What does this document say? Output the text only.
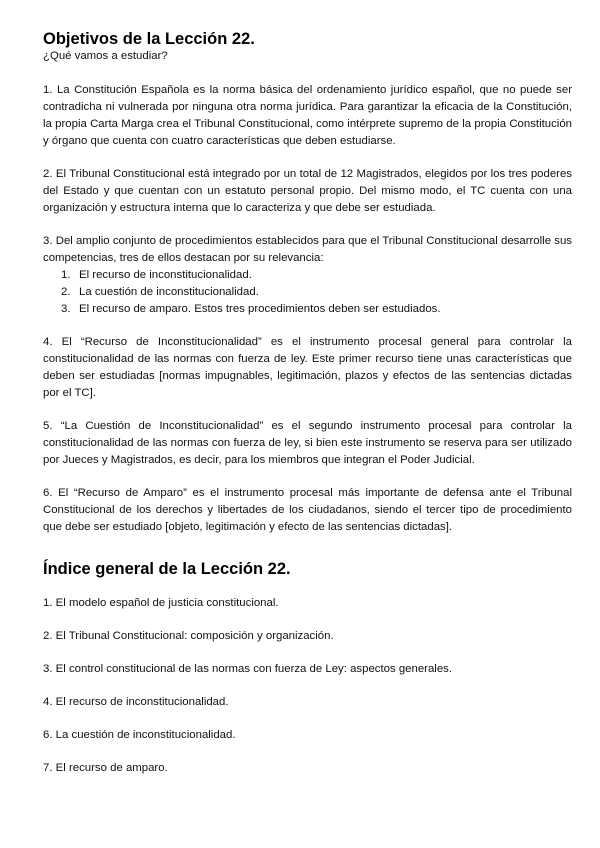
Objetivos de la Lección 22.
¿Qué vamos a estudiar?

1. La Constitución Española es la norma básica del ordenamiento jurídico español, que no puede ser contradicha ni vulnerada por ninguna otra norma jurídica. Para garantizar la eficacia de la Constitución, la propia Carta Marga crea el Tribunal Constitucional, como intérprete supremo de la propia Constitución y órgano que cuenta con cuatro características que deben estudiarse.

2. El Tribunal Constitucional está integrado por un total de 12 Magistrados, elegidos por los tres poderes del Estado y que cuentan con un estatuto personal propio. Del mismo modo, el TC cuenta con una organización y estructura interna que lo caracteriza y que debe ser estudiada.

3. Del amplio conjunto de procedimientos establecidos para que el Tribunal Constitucional desarrolle sus competencias, tres de ellos destacan por su relevancia:

1. El recurso de inconstitucionalidad.
2. La cuestión de inconstitucionalidad.
3. El recurso de amparo. Estos tres procedimientos deben ser estudiados.

4. El “Recurso de Inconstitucionalidad” es el instrumento procesal general para controlar la constitucionalidad de las normas con fuerza de ley. Este primer recurso tiene unas características que deben ser estudiadas [normas impugnables, legitimación, plazos y efectos de las sentencias dictadas por el TC].

5. “La Cuestión de Inconstitucionalidad” es el segundo instrumento procesal para controlar la constitucionalidad de las normas con fuerza de ley, si bien este instrumento se reserva para ser utilizado por Jueces y Magistrados, es decir, para los miembros que integran el Poder Judicial.

6. El “Recurso de Amparo” es el instrumento procesal más importante de defensa ante el Tribunal Constitucional de los derechos y libertades de los ciudadanos, siendo el tercer tipo de procedimiento que debe ser estudiado [objeto, legitimación y efecto de las sentencias dictadas].

Índice general de la Lección 22.
1. El modelo español de justicia constitucional.
2. El Tribunal Constitucional: composición y organización.
3. El control constitucional de las normas con fuerza de Ley: aspectos generales.
4. El recurso de inconstitucionalidad.
6. La cuestión de inconstitucionalidad.
7. El recurso de amparo.
